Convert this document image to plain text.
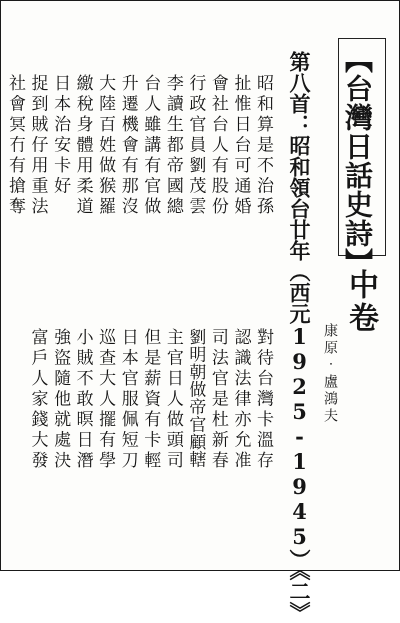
【台灣日話史詩】
中卷
康原‧盧鴻夫
第八首：昭和領台廿年（西元1925-1945）《二》
昭和算是不治孫
扯惟日台可通婚
會社台人有股份
行政官員劉茂雲
李讀生都帝國總
台人雖講有官做
升遷機會有那沒
大陸百姓做猴羅
繳稅身體用柔道
日本治安卡好
捉到賊仔用重法
社會冥冇有搶奪
對待台灣卡溫存
認識法律亦允准
司法官是杜新春
劉明朝做帝官顧轄
主官日人做頭司
但是薪資有卡輕
日本官服佩短刀
巡查大人擺有學
小賊不敢暝日潛
強盜隨他就處決
富戶人家錢大發
